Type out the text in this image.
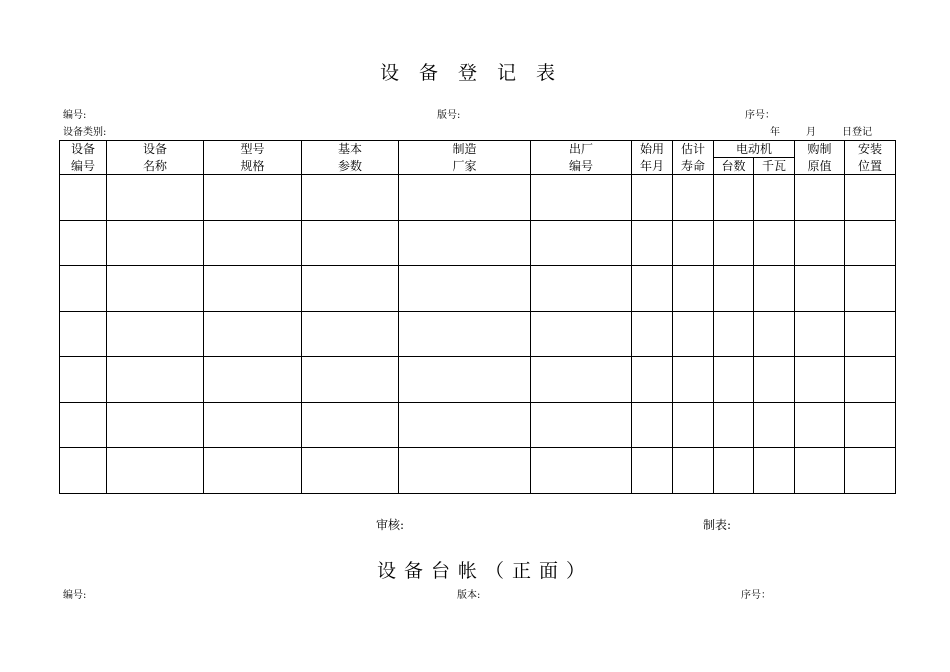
设备登记表
编号:	版号:	序号：
设备类别:	年	月	日登记
设备	设备	型号	基本	制造	出厂	始用	估计	电动机		购制	安装
编号	名称	规格	参数	厂家	编号	年月	寿命	台数	千瓦	原值	位置

审核:	制表:
设备台帐（正面）
编号:	版本:	序号：
